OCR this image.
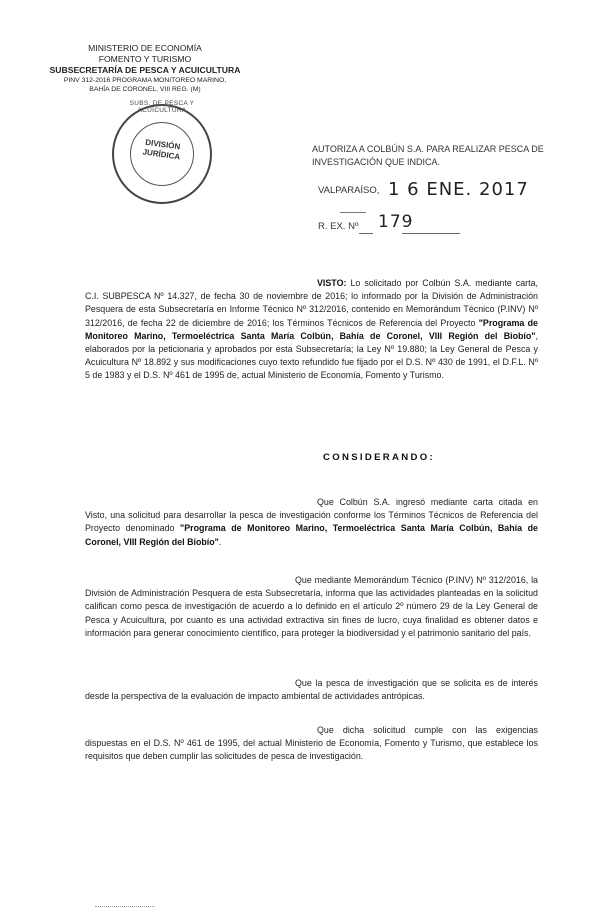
MINISTERIO DE ECONOMÍA
FOMENTO Y TURISMO
SUBSECRETARÍA DE PESCA Y ACUICULTURA
PINV 312-2016 PROGRAMA MONITOREO MARINO,
BAHÍA DE CORONEL, VIII REG. (M)
SUBS. DE PESCA Y ACUICULTURA
DIVISIÓN JURÍDICA	AUTORIZA A COLBÚN S.A. PARA REALIZAR PESCA DE INVESTIGACIÓN QUE INDICA.
VALPARAÍSO, 1 6 ENE. 2017
R. EX. Nº 179
VISTO: Lo solicitado por Colbún S.A. mediante carta, C.I. SUBPESCA Nº 14.327, de fecha 30 de noviembre de 2016; lo informado por la División de Administración Pesquera de esta Subsecretaría en Informe Técnico Nº 312/2016, contenido en Memorándum Técnico (P.INV) Nº 312/2016, de fecha 22 de diciembre de 2016; los Términos Técnicos de Referencia del Proyecto "Programa de Monitoreo Marino, Termoeléctrica Santa María Colbún, Bahía de Coronel, VIII Región del Biobío", elaborados por la peticionaria y aprobados por esta Subsecretaría; la Ley Nº 19.880; la Ley General de Pesca y Acuicultura Nº 18.892 y sus modificaciones cuyo texto refundido fue fijado por el D.S. Nº 430 de 1991, el D.F.L. Nº 5 de 1983 y el D.S. Nº 461 de 1995 de, actual Ministerio de Economía, Fomento y Turismo.
CONSIDERANDO:
Que Colbún S.A. ingresó mediante carta citada en Visto, una solicitud para desarrollar la pesca de investigación conforme los Términos Técnicos de Referencia del Proyecto denominado "Programa de Monitoreo Marino, Termoeléctrica Santa María Colbún, Bahía de Coronel, VIII Región del Biobío".
Que mediante Memorándum Técnico (P.INV) Nº 312/2016, la División de Administración Pesquera de esta Subsecretaría, informa que las actividades planteadas en la solicitud califican como pesca de investigación de acuerdo a lo definido en el artículo 2º número 29 de la Ley General de Pesca y Acuicultura, por cuanto es una actividad extractiva sin fines de lucro, cuya finalidad es obtener datos e información para generar conocimiento científico, para proteger la biodiversidad y el patrimonio sanitario del país.
Que la pesca de investigación que se solicita es de interés desde la perspectiva de la evaluación de impacto ambiental de actividades antrópicas.
Que dicha solicitud cumple con las exigencias dispuestas en el D.S. Nº 461 de 1995, del actual Ministerio de Economía, Fomento y Turismo, que establece los requisitos que deben cumplir las solicitudes de pesca de investigación.
